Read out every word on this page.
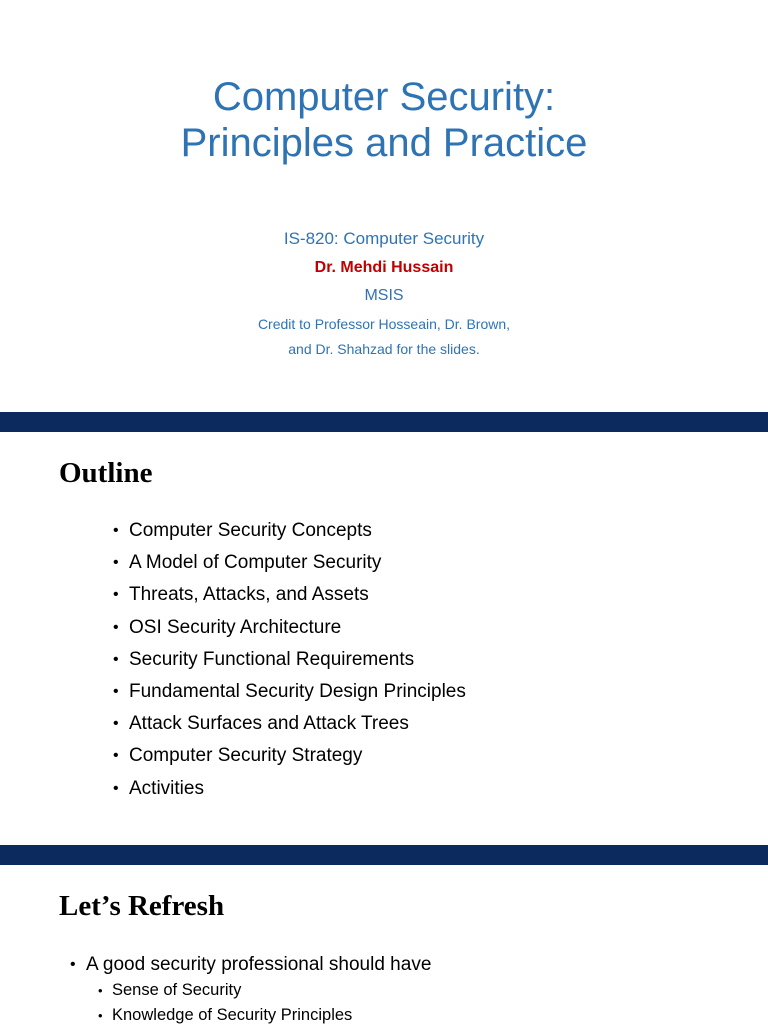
Computer Security:
Principles and Practice
IS-820: Computer Security
Dr. Mehdi Hussain
MSIS
Credit to Professor Hosseain, Dr. Brown,
and Dr. Shahzad for the slides.
Outline
• Computer Security Concepts
• A Model of Computer Security
• Threats, Attacks, and Assets
• OSI Security Architecture
• Security Functional Requirements
• Fundamental Security Design Principles
• Attack Surfaces and Attack Trees
• Computer Security Strategy
• Activities
Let’s Refresh
• A good security professional should have
• Sense of Security
• Knowledge of Security Principles
